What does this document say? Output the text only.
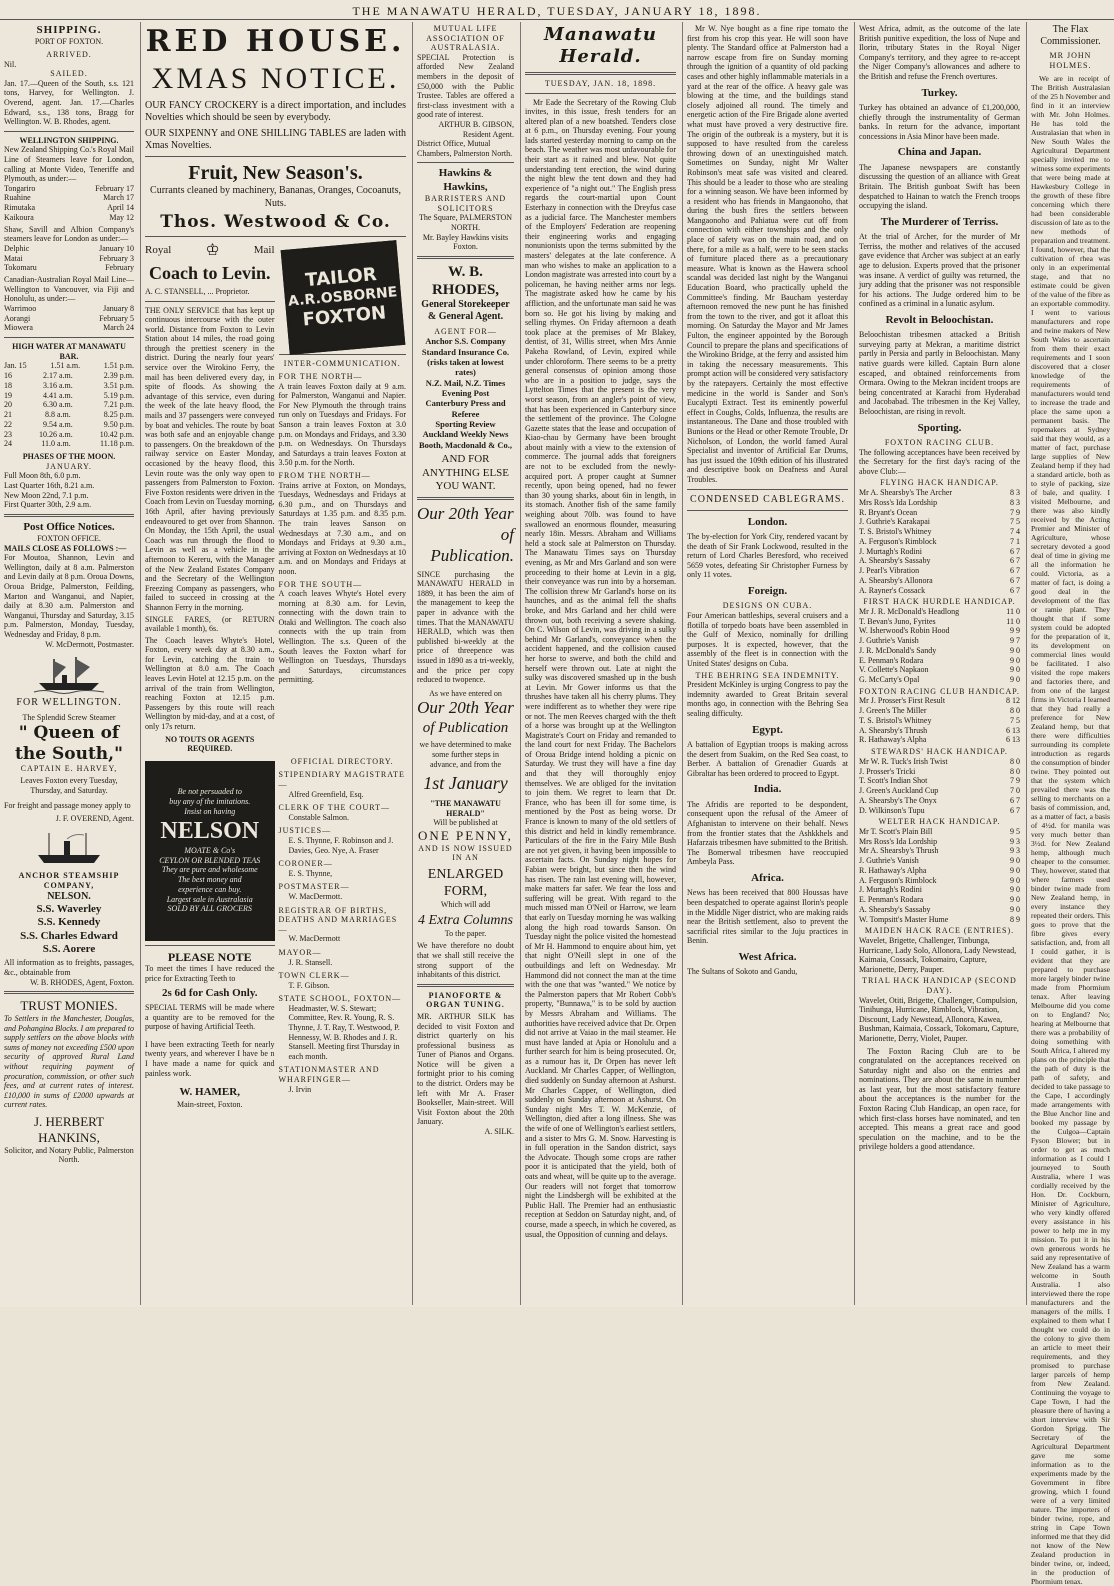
THE MANAWATU HERALD, TUESDAY, JANUARY 18, 1898.
SHIPPING.
PORT OF FOXTON.
ARRIVED.
Nil.
SAILED.
Jan. 17.—Queen of the South, s.s. 121 tons, Harvey, for Wellington. J. Overend, agent. Jan. 17.—Charles Edward, s.s., 138 tons, Bragg for Wellington. W. B. Rhodes, agent.
WELLINGTON SHIPPING.
New Zealand Shipping Co.'s Royal Mail Line of Steamers leave for London, calling at Monte Video, Teneriffe and Plymouth, as under:—
Tongariro	February 17
Ruahine	March 17
Rimutaka	April 14
Kaikoura	May 12
Shaw, Savill and Albion Company's steamers leave for London as under:—
Delphic	January 10
Matai	February 3
Tokomaru	February
Canadian-Australian Royal Mail Line—Wellington to Vancouver, via Fiji and Honolulu, as under:—
Warrimoo	January 8
Aorangi	February 5
Miowera	March 24
HIGH WATER AT MANAWATU BAR.
Jan. 15	1.51 a.m.	1.51 p.m.
16	2.17 a.m.	2.39 p.m.
18	3.16 a.m.	3.51 p.m.
19	4.41 a.m.	5.19 p.m.
20	6.30 a.m.	7.21 p.m.
21	8.8 a.m.	8.25 p.m.
22	9.54 a.m.	9.50 p.m.
23	10.26 a.m.	10.42 p.m.
24	11.0 a.m.	11.18 p.m.
PHASES OF THE MOON.
JANUARY.
Full Moon 8th, 6.0 p.m.
Last Quarter 16th, 8.21 a.m.
New Moon 22nd, 7.1 p.m.
First Quarter 30th, 2.9 a.m.
Post Office Notices.
FOXTON OFFICE.
MAILS CLOSE AS FOLLOWS :—
For Moutoa, Shannon, Levin and Wellington, daily at 8 a.m. Palmerston and Levin daily at 8 p.m. Oroua Downs, Oroua Bridge, Palmerston, Feilding, Marton and Wanganui, and Napier, daily at 8.30 a.m. Palmerston and Wanganui, Thursday and Saturday, 3.15 p.m. Palmerston, Monday, Tuesday, Wednesday and Friday, 8 p.m.
W. McDermott, Postmaster.
FOR WELLINGTON.
The Splendid Screw Steamer
" Queen of the South,"
CAPTAIN E. HARVEY,
Leaves Foxton every Tuesday, Thursday, and Saturday.
For freight and passage money apply to
J. F. OVEREND, Agent.
ANCHOR STEAMSHIP COMPANY,
NELSON.
S.S. Waverley
S.S. Kennedy
S.S. Charles Edward
S.S. Aorere
All information as to freights, passages, &c., obtainable from
W. B. RHODES, Agent, Foxton.
TRUST MONIES.
To Settlers in the Manchester, Douglas, and Pohangina Blocks. I am prepared to supply settlers on the above blocks with sums of money not exceeding £500 upon security of approved Rural Land without requiring payment of procuration, commission, or other such fees, and at current rates of interest. £10,000 in sums of £2000 upwards at current rates.
J. HERBERT HANKINS,
Solicitor, and Notary Public, Palmerston North.
RED HOUSE.
XMAS NOTICE.
OUR FANCY CROCKERY is a direct importation, and includes Novelties which should be seen by everybody.
OUR SIXPENNY and ONE SHILLING TABLES are laden with Xmas Novelties.
Fruit, New Season's.
Currants cleaned by machinery, Bananas, Oranges, Cocoanuts, Nuts.
Thos. Westwood & Co.
Royal ♔	Mail
Coach to Levin.
A. C. STANSELL, ... Proprietor.
THE ONLY SERVICE that has kept up continuous intercourse with the outer world. Distance from Foxton to Levin Station about 14 miles, the road going through the prettiest scenery in the district. During the nearly four years' service over the Wirokino Ferry, the mail has been delivered every day, in spite of floods. As showing the advantage of this service, even during the week of the late heavy flood, the mails and 37 passengers were conveyed by boat and vehicles. The route by boat was both safe and an enjoyable change to passengers. On the breakdown of the railway service on Easter Monday, occasioned by the heavy flood, this Levin route was the only way open to passengers from Palmerston to Foxton. Five Foxton residents were driven in the Coach from Levin on Tuesday morning, 16th April, after having previously endeavoured to get over from Shannon. On Monday, the 15th April, the usual Coach was run through the flood to Levin as well as a vehicle in the afternoon to Kereru, with the Manager of the New Zealand Estates Company and the Secretary of the Wellington Freezing Company as passengers, who failed to succeed in crossing at the Shannon Ferry in the morning.
SINGLE FARES, (or RETURN available 1 month), 6s.
The Coach leaves Whyte's Hotel, Foxton, every week day at 8.30 a.m., for Levin, catching the train to Wellington at 8.0 a.m. The Coach leaves Levin Hotel at 12.15 p.m. on the arrival of the train from Wellington, reaching Foxton at 12.15 p.m. Passengers by this route will reach Wellington by mid-day, and at a cost, of only 17s return.
NO TOUTS OR AGENTS REQUIRED.
TAILOR
A.R.OSBORNE
FOXTON
INTER-COMMUNICATION.
FOR THE NORTH—
A train leaves Foxton daily at 9 a.m. for Palmerston, Wanganui and Napier. For New Plymouth the through trains run only on Tuesdays and Fridays. For Sanson a train leaves Foxton at 3.0 p.m. on Mondays and Fridays, and 3.30 p.m. on Wednesdays. On Thursdays and Saturdays a train leaves Foxton at 3.50 p.m. for the North.
FROM THE NORTH—
Trains arrive at Foxton, on Mondays, Tuesdays, Wednesdays and Fridays at 6.30 p.m., and on Thursdays and Saturdays at 1.35 p.m. and 8.35 p.m. The train leaves Sanson on Wednesdays at 7.30 a.m., and on Mondays and Fridays at 9.30 a.m., arriving at Foxton on Wednesdays at 10 a.m. and on Mondays and Fridays at noon.
FOR THE SOUTH—
A coach leaves Whyte's Hotel every morning at 8.30 a.m. for Levin, connecting with the down train to Otaki and Wellington. The coach also connects with the up train from Wellington. The s.s. Queen of the South leaves the Foxton wharf for Wellington on Tuesdays, Thursdays and Saturdays, circumstances permitting.
Be not persuaded to
buy any of the imitations.
Insist on having
NELSON
MOATE & Co's
CEYLON OR BLENDED TEAS
They are pure and wholesome
The best money and
experience can buy.
Largest sale in Australasia
SOLD BY ALL GROCERS
PLEASE NOTE
To meet the times I have reduced the price for Extracting Teeth to
2s 6d for Cash Only.
SPECIAL TERMS will be made where a quantity are to be removed for the purpose of having Artificial Teeth.
I have been extracting Teeth for nearly twenty years, and wherever I have be n I have made a name for quick and painless work.
W. HAMER,
Main-street, Foxton.
OFFICIAL DIRECTORY.
STIPENDIARY MAGISTRATE—
Alfred Greenfield, Esq.
CLERK OF THE COURT—
Constable Salmon.
JUSTICES—
E. S. Thynne, F. Robinson and J. Davies, Geo. Nye, A. Fraser
CORONER—
E. S. Thynne,
POSTMASTER—
W. MacDermott.
REGISTRAR OF BIRTHS, DEATHS AND MARRIAGES—
W. MacDermott
MAYOR—
J. R. Stansell.
TOWN CLERK—
T. F. Gibson.
STATE SCHOOL, FOXTON—
Headmaster, W. S. Stewart; Committee, Rev. R. Young, R. S. Thynne, J. T. Ray, T. Westwood, P. Hennessy, W. B. Rhodes and J. R. Stansell. Meeting first Thursday in each month.
STATIONMASTER AND WHARFINGER—
J. Irvin
MUTUAL LIFE ASSOCIATION OF AUSTRALASIA.
SPECIAL Protection is afforded New Zealand members in the deposit of £50,000 with the Public Trustee. Tables are offered a first-class investment with a good rate of interest.
ARTHUR B. GIBSON, Resident Agent.
District Office, Mutual Chambers, Palmerston North.
Hawkins & Hawkins,
BARRISTERS AND SOLICITORS
The Square, PALMERSTON NORTH.
Mr. Bayley Hawkins visits Foxton.
W. B. RHODES,
General Storekeeper & General Agent.
AGENT FOR—
Anchor S.S. Company
Standard Insurance Co. (risks taken at lowest rates)
N.Z. Mail, N.Z. Times
Evening Post
Canterbury Press and Referee
Sporting Review
Auckland Weekly News
Booth, Macdonald & Co.,
AND FOR ANYTHING ELSE YOU WANT.
Our 20th Year
of Publication.
SINCE purchasing the MANAWATU HERALD in 1889, it has been the aim of the management to keep the paper in advance with the times. That the MANAWATU HERALD, which was then published bi-weekly at the price of threepence was issued in 1890 as a tri-weekly, and the price per copy reduced to twopence.
As we have entered on
Our 20th Year
of Publication
we have determined to make some further steps in advance, and from the
1st January
"THE MANAWATU HERALD"
Will be published at
ONE PENNY,
AND IS NOW ISSUED IN AN
ENLARGED FORM,
Which will add
4 Extra Columns
To the paper.
We have therefore no doubt that we shall still receive the strong support of the inhabitants of this district.
PIANOFORTE & ORGAN TUNING.
MR. ARTHUR SILK has decided to visit Foxton and district quarterly on his professional business as Tuner of Pianos and Organs. Notice will be given a fortnight prior to his coming to the district. Orders may be left with Mr A. Fraser Bookseller, Main-street. Will Visit Foxton about the 20th January.
A. SILK.
Manawatu Herald.
TUESDAY, JAN. 18, 1898.
Mr Eade the Secretary of the Rowing Club invites, in this issue, fresh tenders for an altered plan of a new boatshed. Tenders close at 6 p.m., on Thursday evening. Four young lads started yesterday morning to camp on the beach. The weather was most unfavourable for their start as it rained and blew. Not quite understanding tent erection, the wind during the night blew the tent down and they had experience of "a night out." The English press regards the court-martial upon Count Esterhazy in connection with the Dreyfus case as a judicial farce. The Manchester members of the Employers' Federation are reopening their engineering works and engaging nonunionists upon the terms submitted by the masters' delegates at the late conference. A man who wishes to make an application to a London magistrate was arrested into court by a policeman, he having neither arms nor legs. The magistrate asked how he came by his affliction, and the unfortunate man said he was born so. He got his living by making and selling rhymes. On Friday afternoon a death took place at the premises of Mr Blakey, dentist, of 31, Willis street, when Mrs Annie Pakeha Rowland, of Levin, expired while under chloroform. There seems to be a pretty general consensus of opinion among those who are in a position to judge, says the Lyttelton Times that the present is the very worst season, from an angler's point of view, that has been experienced in Canterbury since the settlement of the province. The Cologne Gazette states that the lease and occupation of Kiao-chau by Germany have been brought about mainly with a view to the extension of commerce. The journal adds that foreigners are not to be excluded from the newly-acquired port. A proper caught at Sumner recently, upon being opened, had no fewer than 30 young sharks, about 6in in length, in its stomach. Another fish of the same family weighing about 70lb. was found to have swallowed an enormous flounder, measuring nearly 18in. Messrs. Abraham and Williams held a stock sale at Palmerston on Thursday. The Manawatu Times says on Thursday evening, as Mr and Mrs Garland and son were proceeding to their home at Levin in a gig, their conveyance was run into by a horseman. The collision threw Mr Garland's horse on its haunches, and as the animal fell the shafts broke, and Mrs Garland and her child were thrown out, both receiving a severe shaking. On C. Wilson of Levin, was driving in a sulky behind Mr Garland's, conveyance when the accident happened, and the collision caused her horse to swerve, and both the child and herself were thrown out. Late at night the sulky was discovered smashed up in the bush at Levin. Mr Gower informs us that the thrushes have taken all his cherry plums. They were indifferent as to whether they were ripe or not. The men Reeves charged with the theft of a horse was brought up at the Wellington Magistrate's Court on Friday and remanded to the land court for next Friday. The Bachelors of Oroua Bridge intend holding a picnic on Saturday. We trust they will have a fine day and that they will thoroughly enjoy themselves. We are obliged for the invitation to join them. We regret to learn that Dr. France, who has been ill for some time, is mentioned by the Post as being worse. Dr France is known to many of the old settlers of this district and held in kindly remembrance. Particulars of the fire in the Fairy Mile Bush are not yet given, it having been impossible to ascertain facts. On Sunday night hopes for Fabian were bright, but since then the wind has risen. The rain last evening will, however, make matters far safer. We fear the loss and suffering will be great. With regard to the much missed man O'Neil or Harrow, we learn that early on Tuesday morning he was walking along the high road towards Sanson. On Tuesday night the police visited the homestead of Mr H. Hammond to enquire about him, yet that night O'Neill slept in one of the outbuildings and left on Wednesday. Mr Hammond did not connect the man at the time with the one that was "wanted." We notice by the Palmerston papers that Mr Robert Cobb's property, "Bunnawa," is to be sold by auction by Messrs Abraham and Williams. The authorities have received advice that Dr. Orpen did not arrive at Vaiao in the mail steamer. He must have landed at Apia or Honolulu and a further search for him is being prosecuted. Or, as a rumour has it, Dr Orpen has never left Auckland. Mr Charles Capper, of Wellington, died suddenly on Sunday afternoon at Ashurst. Mr Charles Capper, of Wellington, died suddenly on Sunday afternoon at Ashurst. On Sunday night Mrs T. W. McKenzie, of Wellington, died after a long illness. She was the wife of one of Wellington's earliest settlers, and a sister to Mrs G. M. Snow. Harvesting is in full operation in the Sandon district, says the Advocate. Though some crops are rather poor it is anticipated that the yield, both of oats and wheat, will be quite up to the average. Our readers will not forget that tomorrow night the Lindsbergh will be exhibited at the Public Hall. The Premier had an enthusiastic reception at Seddon on Saturday night, and, of course, made a speech, in which he covered, as usual, the Opposition of cunning and delays.
Mr W. Nye bought as a fine ripe tomato the first from his crop this year. He will soon have plenty. The Standard office at Palmerston had a narrow escape from fire on Sunday morning through the ignition of a quantity of old packing cases and other highly inflammable materials in a yard at the rear of the office. A heavy gale was blowing at the time, and the buildings stand closely adjoined all round. The timely and energetic action of the Fire Brigade alone averted what must have proved a very destructive fire. The origin of the outbreak is a mystery, but it is supposed to have resulted from the careless throwing down of an unextinguished match. Sometimes on Sunday, night Mr Walter Robinson's meat safe was visited and cleared. This should be a leader to those who are stealing for a winning season. We have been informed by a resident who has friends in Mangaonoho, that during the bush fires the settlers between Mangaonoho and Pahiatua were cut off from connection with either townships and the only place of safety was on the main road, and on there, for a mile as a half, were to be seen stacks of furniture placed there as a precautionary measure. What is known as the Hawera school scandal was decided last night by the Wanganui Education Board, who practically upheld the Committee's finding. Mr Baucham yesterday afternoon removed the new punt he has finished from the town to the river, and got it afloat this morning. On Saturday the Mayor and Mr James Fulton, the engineer appointed by the Borough Council to prepare the plans and specifications of the Wirokino Bridge, at the ferry and assisted him in taking the necessary measurements. This prompt action will be considered very satisfactory by the ratepayers. Certainly the most effective medicine in the world is Sander and Son's Eucalypti Extract. Test its eminently powerful effect in Coughs, Colds, Influenza, the results are instantaneous. The Dane and those troubled with Bunions or the Head or other Remote Trouble, Dr Nicholson, of London, the world famed Aural Specialist and inventor of Artificial Ear Drums, has just issued the 109th edition of his illustrated and descriptive book on Deafness and Aural Troubles.
CONDENSED CABLEGRAMS.
London.
The by-election for York City, rendered vacant by the death of Sir Frank Lockwood, resulted in the return of Lord Charles Beresford, who received 5659 votes, defeating Sir Christopher Furness by only 11 votes.
Foreign.
DESIGNS ON CUBA.
Four American battleships, several cruisers and a flotilla of torpedo boats have been assembled in the Gulf of Mexico, nominally for drilling purposes. It is expected, however, that the assembly of the fleet is in connection with the United States' designs on Cuba.
THE BEHRING SEA INDEMNITY.
President McKinley is urging Congress to pay the indemnity awarded to Great Britain several months ago, in connection with the Behring Sea sealing difficulty.
Egypt.
A battalion of Egyptian troops is making across the desert from Suakim, on the Red Sea coast, to Berber. A battalion of Grenadier Guards at Gibraltar has been ordered to proceed to Egypt.
India.
The Afridis are reported to be despondent, consequent upon the refusal of the Ameer of Afghanistan to intervene on their behalf. News from the frontier states that the Ashkkhels and Hafarzais tribesmen have submitted to the British. The Bomerwal tribesmen have reoccupied Ambeyla Pass.
Africa.
News has been received that 800 Houssas have been despatched to operate against Ilorin's people in the Middle Niger district, who are making raids near the British settlement, also to prevent the sacrificial rites similar to the Juju practices in Benin.
West Africa.
The Sultans of Sokoto and Gandu,
West Africa, admit, as the outcome of the late British punitive expedition, the loss of Nupe and Ilorin, tributary States in the Royal Niger Company's territory, and they agree to re-accept the Niger Company's allowances and adhere to the British and refuse the French overtures.
Turkey.
Turkey has obtained an advance of £1,200,000, chiefly through the instrumentality of German banks. In return for the advance, important concessions in Asia Minor have been made.
China and Japan.
The Japanese newspapers are constantly discussing the question of an alliance with Great Britain. The British gunboat Swift has been despatched to Hainan to watch the French troops occupying the island.
The Murderer of Terriss.
At the trial of Archer, for the murder of Mr Terriss, the mother and relatives of the accused gave evidence that Archer was subject at an early age to delusion. Experts proved that the prisoner was insane. A verdict of guilty was returned, the jury adding that the prisoner was not responsible for his actions. The Judge ordered him to be confined as a criminal in a lunatic asylum.
Revolt in Beloochistan.
Beloochistan tribesmen attacked a British surveying party at Mekran, a maritime district partly in Persia and partly in Beloochistan. Many native guards were killed. Captain Burn alone escaped, and obtained reinforcements from Ormara. Owing to the Mekran incident troops are being concentrated at Karachi from Hyderabad and Jacobabad. The tribesmen in the Kej Valley, Beloochistan, are rising in revolt.
Sporting.
FOXTON RACING CLUB.
The following acceptances have been received by the Secretary for the first day's racing of the above Club:—
FLYING HACK HANDICAP.
Mr A. Shearsby's The Archer	8 3
Mrs Ross's Ida Lordship	8 3
R. Bryant's Ocean	7 9
J. Guthrie's Karakapai	7 5
T. S. Bristol's Whitney	7 4
A. Ferguson's Rimblock	7 1
J. Murtagh's Rodini	6 7
A. Shearsby's Sassaby	6 7
J. Pearl's Vibration	6 7
A. Shearsby's Allonora	6 7
A. Rayner's Cossack	6 7
FIRST HACK HURDLE HANDICAP.
Mr J. R. McDonald's Headlong	11 0
T. Bevan's Juno, Fyrites	11 0
W. Isherwood's Robin Hood	9 9
J. Guthrie's Vanish	9 7
J. R. McDonald's Sandy	9 0
E. Penman's Rodara	9 0
V. Collette's Napkaon	9 0
G. McCarty's Opal	9 0
FOXTON RACING CLUB HANDICAP.
Mr J. Prosser's First Result	8 12
J. Green's The Miller	8 0
T. S. Bristol's Whitney	7 5
A. Shearsby's Thrush	6 13
R. Hathaway's Alpha	6 13
STEWARDS' HACK HANDICAP.
Mr W. R. Tuck's Irish Twist	8 0
J. Prosser's Tricki	8 0
T. Scott's Indian Shot	7 9
J. Green's Auckland Cup	7 0
A. Shearsby's The Onyx	6 7
D. Wilkinson's Tupu	6 7
WELTER HACK HANDICAP.
Mr T. Scott's Plain Bill	9 5
Mrs Ross's Ida Lordship	9 3
Mr A. Shearsby's Thrush	9 3
J. Guthrie's Vanish	9 0
R. Hathaway's Alpha	9 0
A. Ferguson's Rimblock	9 0
J. Murtagh's Rodini	9 0
E. Penman's Rodara	9 0
A. Shearsby's Sassaby	9 0
W. Tompsitt's Master Hume	8 9
MAIDEN HACK RACE (ENTRIES).
Wavelet, Brigette, Challenger, Tinbunga, Hurricane, Lady Solo, Allonora, Lady Newstead, Kaimaia, Cossack, Tokomairo, Capture, Marionette, Derry, Pauper.
TRIAL HACK HANDICAP (SECOND DAY).
Wavelet, Otiti, Brigette, Challenger, Compulsion, Tinihunga, Hurricane, Rimblock, Vibration, Discount, Lady Newstead, Allonora, Kawea, Bushman, Kaimaia, Cossack, Tokomaru, Capture, Marionette, Derry, Violet, Pauper.
The Foxton Racing Club are to be congratulated on the acceptances received on Saturday night and also on the entries and nominations. They are about the same in number as last year, but the most satisfactory feature about the acceptances is the number for the Foxton Racing Club Handicap, an open race, for which first-class horses have nominated, and ten accepted. This means a great race and good speculation on the machine, and to be the privilege holders a good attendance.
The Flax Commissioner.
MR JOHN HOLMES.
We are in receipt of The British Australasian of the 25 h November and find in it an interview with Mr. John Holmes. He has told the Australasian that when in New South Wales the Agricultural Department specially invited me to witness some experiments that were being made at Hawkesbury College in the growth of these fibre concerning which there had been considerable discussion of late as to the new methods of preparation and treatment. I found, however, that the cultivation of rhea was only in an experimental stage, and that no estimate could be given of the value of the fibre as an exportable commodity. I went to various manufacturers and rope and twine makers of New South Wales to ascertain from them their exact requirements and I soon discovered that a closer knowledge of the requirements of manufacturers would tend to increase the trade and place the same upon a permanent basis. The ropemakers at Sydney said that they would, as a matter of fact, purchase large supplies of New Zealand hemp if they had a standard article, both as to style of packing, size of bale, and quality. I visited Melbourne, and there was also kindly received by the Acting Premier and Minister of Agriculture, whose secretary devoted a good deal of time in giving me all the information he could. Victoria, as a matter of fact, is doing a good deal in the development of the flax or ramie plant. They thought that if some system could be adopted for the preparation of it, its development on commercial lines would be facilitated. I also visited the rope makers and factories there, and from one of the largest firms in Victoria I learned that they had really a preference for New Zealand hemp, but that there were difficulties surrounding its complete introduction as regards the consumption of binder twine. They pointed out that the system which prevailed there was the selling to merchants on a basis of commission, and, as a matter of fact, a basis of 4½d. for manila was very much better than 3½d. for New Zealand hemp, although much cheaper to the consumer. They, however, stated that where farmers used binder twine made from New Zealand hemp, in every instance they repeated their orders. This goes to prove that the fibre gives every satisfaction, and, from all I could gather, it is evident that they are prepared to purchase more largely binder twine made from Phormium tenax. After leaving Melbourne did you come on to England? No; hearing at Melbourne that there was a probability of doing something with South Africa, I altered my plans on the principle that the path of duty is the path of safety, and decided to take passage to the Cape, I accordingly made arrangements with the Blue Anchor line and booked my passage by the Culgoa—Captain Fyson Blower; but in order to get as much information as I could I journeyed to South Australia, where I was cordially received by the Hon. Dr. Cockburn, Minister of Agriculture, who very kindly offered every assistance in his power to help me in my mission. To put it in his own generous words he said any representative of New Zealand has a warm welcome in South Australia. I also interviewed there the rope manufacturers and the managers of the mills. I explained to them what I thought we could do in the colony to give them an article to meet their requirements, and they promised to purchase larger parcels of hemp from New Zealand. Continuing the voyage to Cape Town, I had the pleasure there of having a short interview with Sir Gordon Sprigg. The Secretary of the Agricultural Department gave me some information as to the experiments made by the Government in fibre growing, which I found were of a very limited nature. The importers of binder twine, rope, and string in Cape Town informed me that they did not know of the New Zealand production in binder twine, or, indeed, in the production of Phormium tenax.
